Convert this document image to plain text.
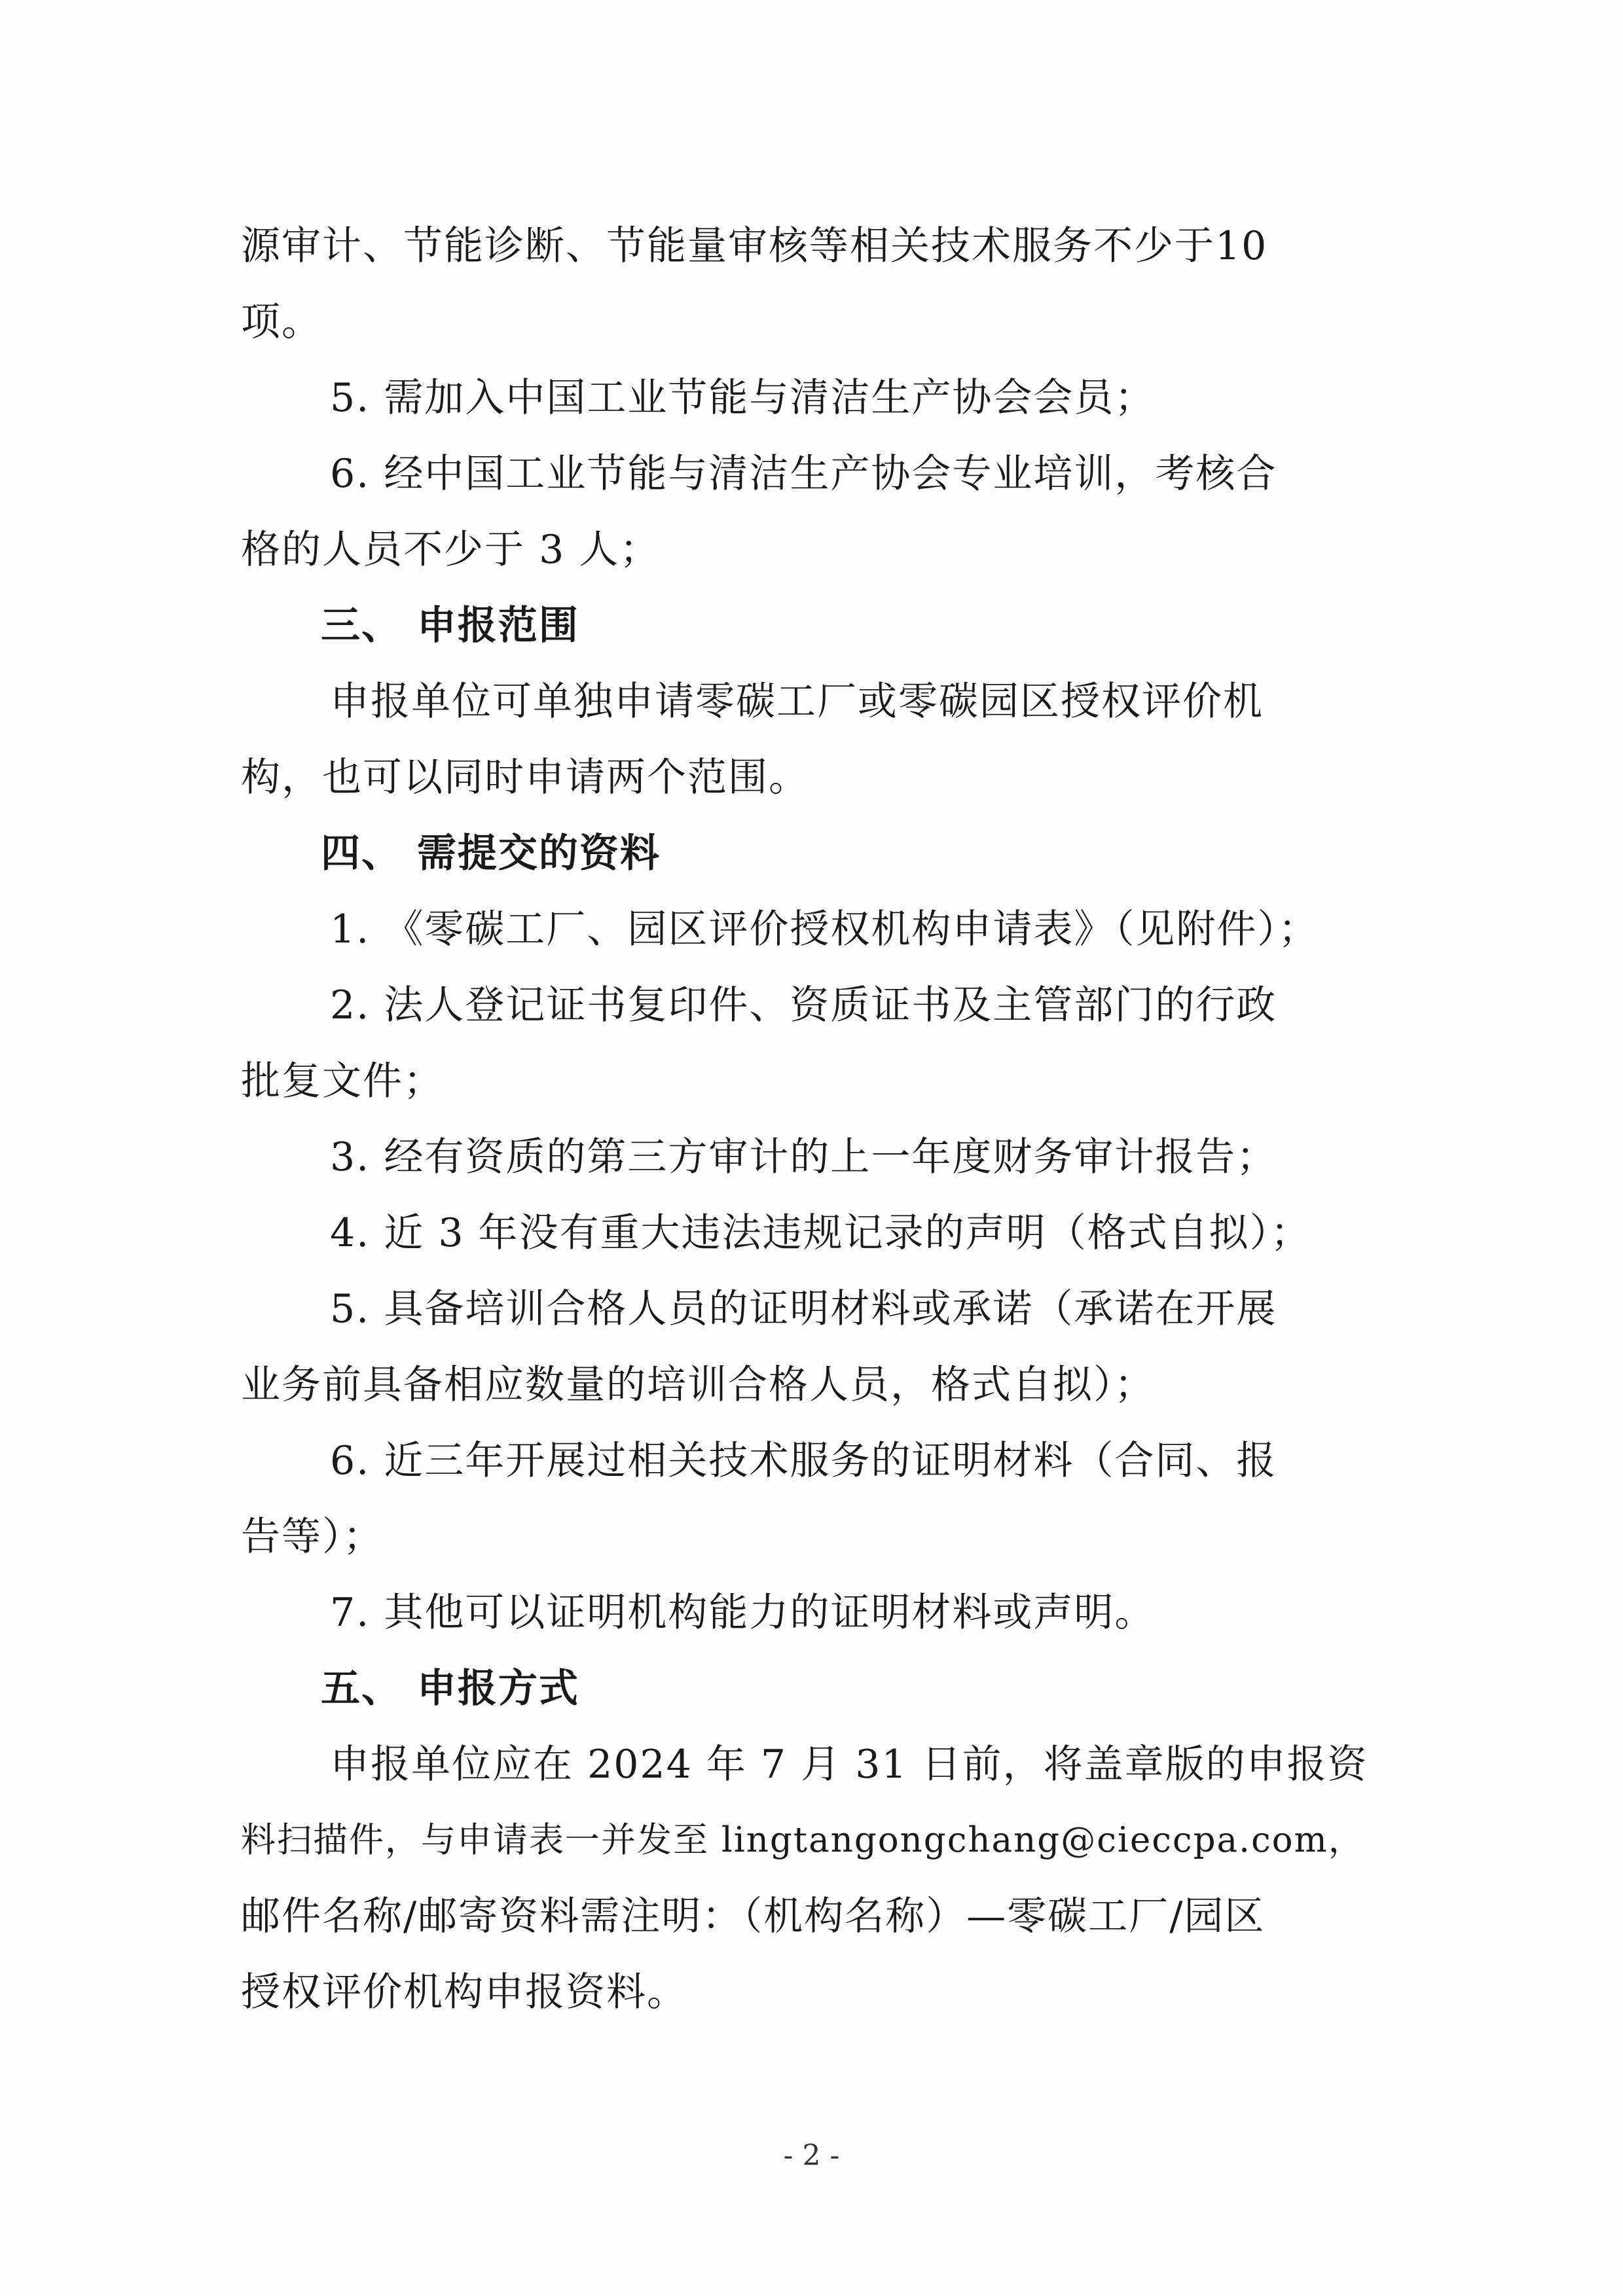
源审计、节能诊断、节能量审核等相关技术服务不少于10
项。
5. 需加入中国工业节能与清洁生产协会会员；
6. 经中国工业节能与清洁生产协会专业培训，考核合
格的人员不少于 3 人；
三、 申报范围
申报单位可单独申请零碳工厂或零碳园区授权评价机
构，也可以同时申请两个范围。
四、 需提交的资料
1. 《零碳工厂、园区评价授权机构申请表》（见附件）；
2. 法人登记证书复印件、资质证书及主管部门的行政
批复文件；
3. 经有资质的第三方审计的上一年度财务审计报告；
4. 近 3 年没有重大违法违规记录的声明（格式自拟）；
5. 具备培训合格人员的证明材料或承诺（承诺在开展
业务前具备相应数量的培训合格人员，格式自拟）；
6. 近三年开展过相关技术服务的证明材料（合同、报
告等）；
7. 其他可以证明机构能力的证明材料或声明。
五、 申报方式
申报单位应在 2024 年 7 月 31 日前，将盖章版的申报资
料扫描件，与申请表一并发至 lingtangongchang@cieccpa.com，
邮件名称/邮寄资料需注明：（机构名称）—零碳工厂/园区
授权评价机构申报资料。
- 2 -
